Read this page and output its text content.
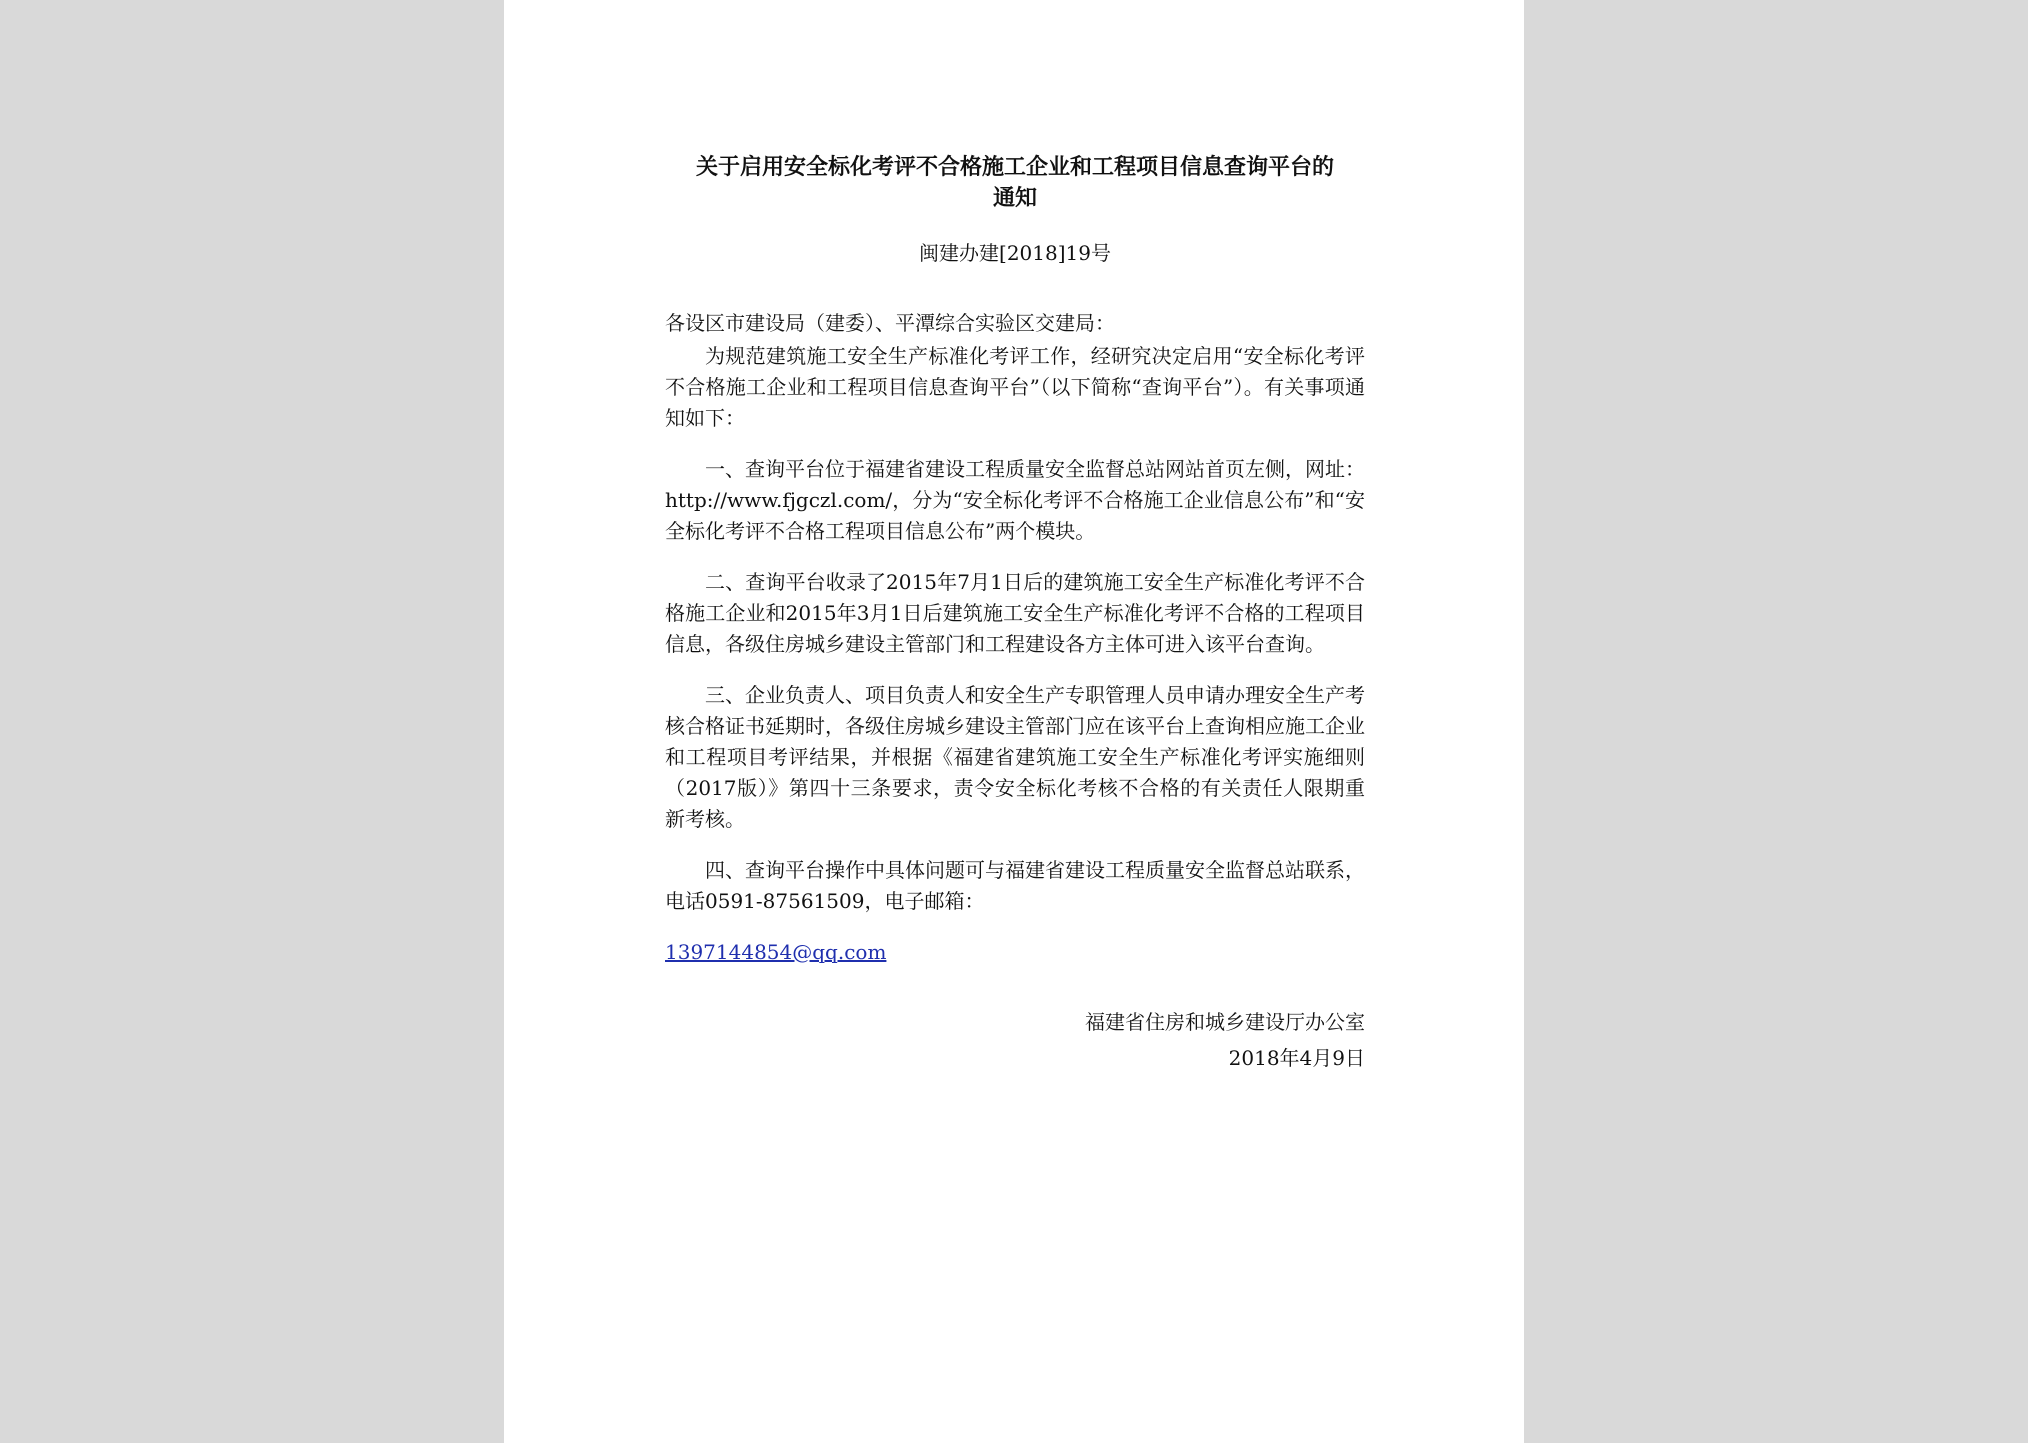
关于启用安全标化考评不合格施工企业和工程项目信息查询平台的
通知
闽建办建[2018]19号
各设区市建设局（建委）、平潭综合实验区交建局：

为规范建筑施工安全生产标准化考评工作，经研究决定启用“安全标化考评不合格施工企业和工程项目信息查询平台”（以下简称“查询平台”）。有关事项通知如下：

一、查询平台位于福建省建设工程质量安全监督总站网站首页左侧，网址：http://www.fjgczl.com/，分为“安全标化考评不合格施工企业信息公布”和“安全标化考评不合格工程项目信息公布”两个模块。

二、查询平台收录了2015年7月1日后的建筑施工安全生产标准化考评不合格施工企业和2015年3月1日后建筑施工安全生产标准化考评不合格的工程项目信息，各级住房城乡建设主管部门和工程建设各方主体可进入该平台查询。

三、企业负责人、项目负责人和安全生产专职管理人员申请办理安全生产考核合格证书延期时，各级住房城乡建设主管部门应在该平台上查询相应施工企业和工程项目考评结果，并根据《福建省建筑施工安全生产标准化考评实施细则（2017版）》第四十三条要求，责令安全标化考核不合格的有关责任人限期重新考核。

四、查询平台操作中具体问题可与福建省建设工程质量安全监督总站联系，电话0591-87561509，电子邮箱：

1397144854@qq.com
福建省住房和城乡建设厅办公室
2018年4月9日
